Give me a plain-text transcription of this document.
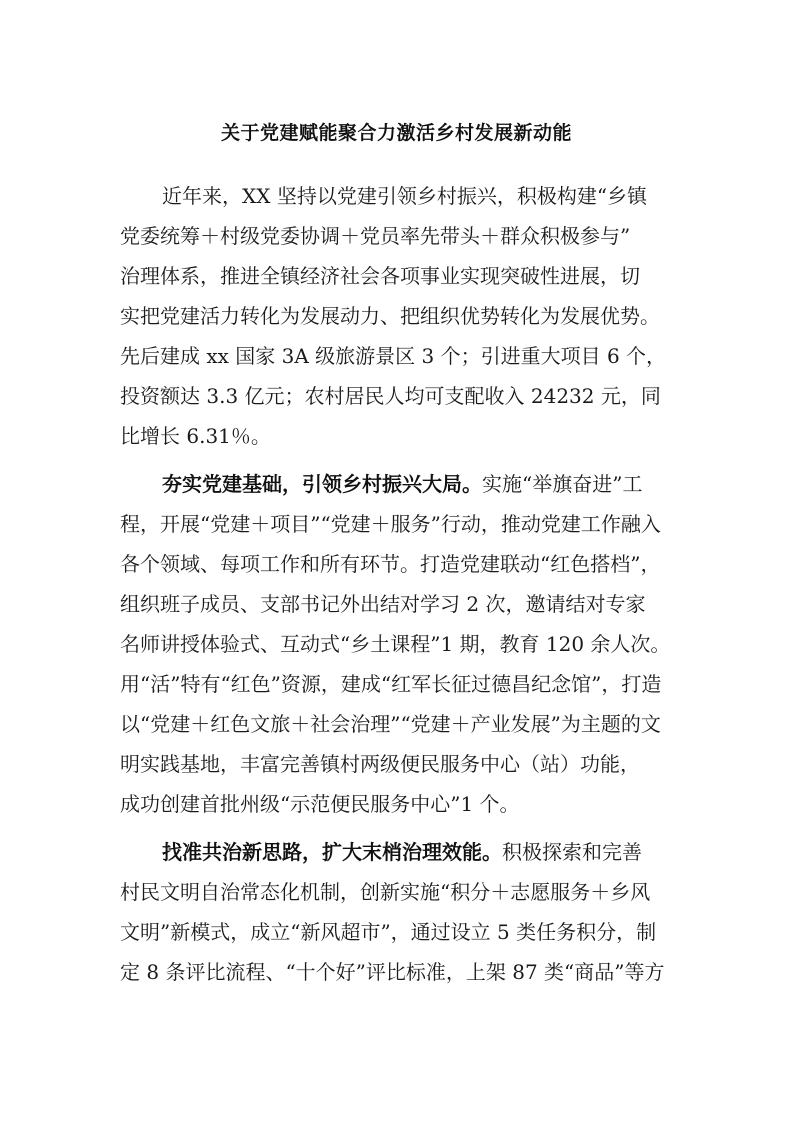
关于党建赋能聚合力激活乡村发展新动能
近年来，XX 坚持以党建引领乡村振兴，积极构建“乡镇
党委统筹＋村级党委协调＋党员率先带头＋群众积极参与”
治理体系，推进全镇经济社会各项事业实现突破性进展，切
实把党建活力转化为发展动力、把组织优势转化为发展优势。
先后建成 xx 国家 3A 级旅游景区 3 个；引进重大项目 6 个，
投资额达 3.3 亿元；农村居民人均可支配收入 24232 元，同
比增长 6.31％。
夯实党建基础，引领乡村振兴大局。实施“举旗奋进”工
程，开展“党建＋项目”“党建＋服务”行动，推动党建工作融入
各个领域、每项工作和所有环节。打造党建联动“红色搭档”，
组织班子成员、支部书记外出结对学习 2 次，邀请结对专家
名师讲授体验式、互动式“乡土课程”1 期，教育 120 余人次。
用“活”特有“红色”资源，建成“红军长征过德昌纪念馆”，打造
以“党建＋红色文旅＋社会治理”“党建＋产业发展”为主题的文
明实践基地，丰富完善镇村两级便民服务中心（站）功能，
成功创建首批州级“示范便民服务中心”1 个。
找准共治新思路，扩大末梢治理效能。积极探索和完善
村民文明自治常态化机制，创新实施“积分＋志愿服务＋乡风
文明”新模式，成立“新风超市”，通过设立 5 类任务积分，制
定 8 条评比流程、“十个好”评比标准，上架 87 类“商品”等方
